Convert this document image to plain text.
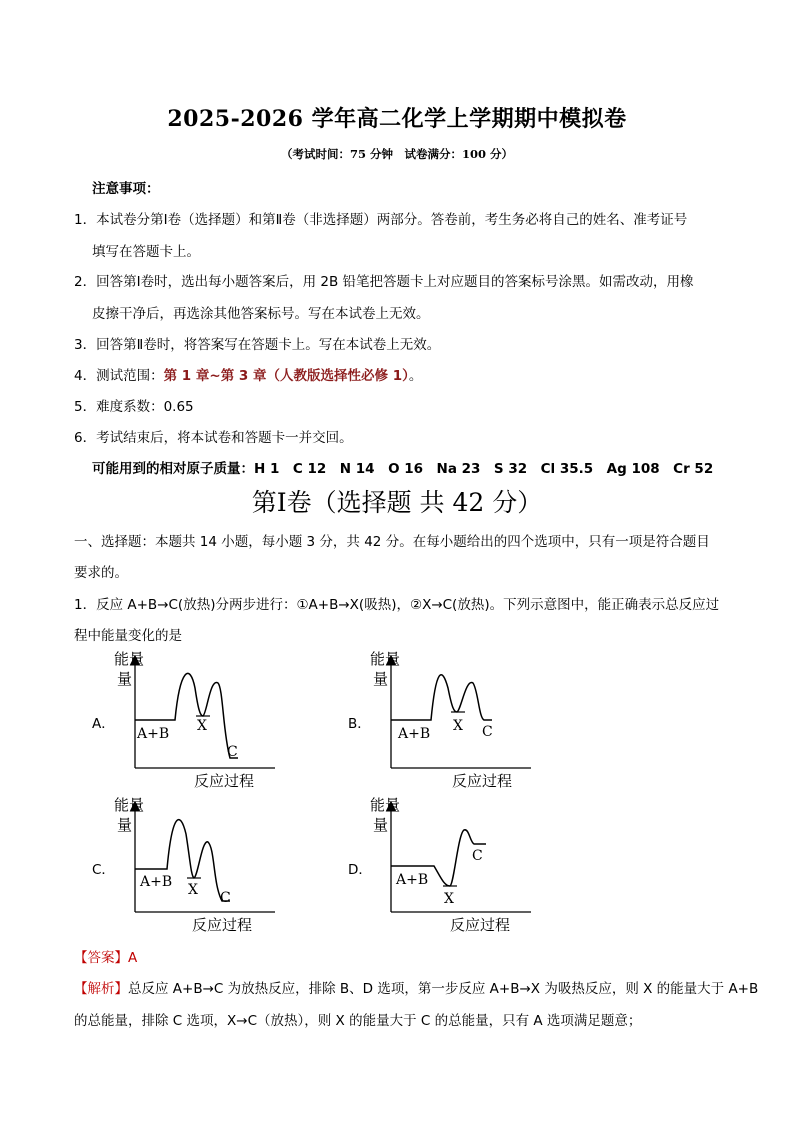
2025-2026 学年高二化学上学期期中模拟卷
（考试时间：75 分钟　试卷满分：100 分）
注意事项：
1．本试卷分第Ⅰ卷（选择题）和第Ⅱ卷（非选择题）两部分。答卷前，考生务必将自己的姓名、准考证号
填写在答题卡上。
2．回答第Ⅰ卷时，选出每小题答案后，用 2B 铅笔把答题卡上对应题目的答案标号涂黑。如需改动，用橡
皮擦干净后，再选涂其他答案标号。写在本试卷上无效。
3．回答第Ⅱ卷时，将答案写在答题卡上。写在本试卷上无效。
4．测试范围：第 1 章~第 3 章（人教版选择性必修 1）。
5．难度系数：0.65
6．考试结束后，将本试卷和答题卡一并交回。
可能用到的相对原子质量：H 1　C 12　N 14　O 16　Na 23　S 32　Cl 35.5　Ag 108　Cr 52
第Ⅰ卷（选择题 共 42 分）
一、选择题：本题共 14 小题，每小题 3 分，共 42 分。在每小题给出的四个选项中，只有一项是符合题目
要求的。
1．反应 A+B→C(放热)分两步进行：①A+B→X(吸热)，②X→C(放热)。下列示意图中，能正确表示总反应过
程中能量变化的是
A．
能量
量
A+B X
C
反应过程
B．
能量
量
A+B X C
反应过程
C．
能量
量
A+B X C
反应过程
D．
能量
量
A+B
X
C
反应过程
【答案】A
【解析】总反应 A+B→C 为放热反应，排除 B、D 选项，第一步反应 A+B→X 为吸热反应，则 X 的能量大于 A+B
的总能量，排除 C 选项，X→C（放热），则 X 的能量大于 C 的总能量，只有 A 选项满足题意；
